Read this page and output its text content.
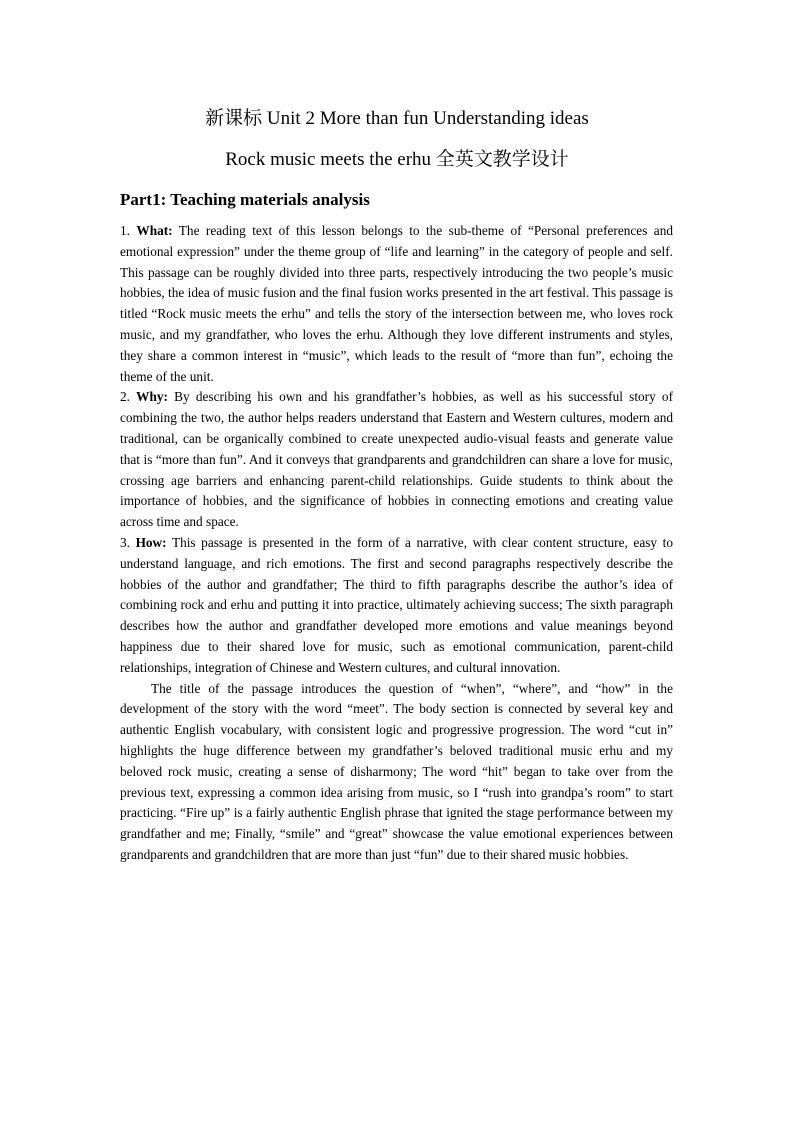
新课标 Unit 2 More than fun Understanding ideas
Rock music meets the erhu 全英文教学设计
Part1: Teaching materials analysis

1. What: The reading text of this lesson belongs to the sub-theme of “Personal preferences and emotional expression” under the theme group of “life and learning” in the category of people and self. This passage can be roughly divided into three parts, respectively introducing the two people’s music hobbies, the idea of music fusion and the final fusion works presented in the art festival. This passage is titled “Rock music meets the erhu” and tells the story of the intersection between me, who loves rock music, and my grandfather, who loves the erhu. Although they love different instruments and styles, they share a common interest in “music”, which leads to the result of “more than fun”, echoing the theme of the unit.

2. Why: By describing his own and his grandfather’s hobbies, as well as his successful story of combining the two, the author helps readers understand that Eastern and Western cultures, modern and traditional, can be organically combined to create unexpected audio-visual feasts and generate value that is “more than fun”. And it conveys that grandparents and grandchildren can share a love for music, crossing age barriers and enhancing parent-child relationships. Guide students to think about the importance of hobbies, and the significance of hobbies in connecting emotions and creating value across time and space.

3. How: This passage is presented in the form of a narrative, with clear content structure, easy to understand language, and rich emotions. The first and second paragraphs respectively describe the hobbies of the author and grandfather; The third to fifth paragraphs describe the author’s idea of combining rock and erhu and putting it into practice, ultimately achieving success; The sixth paragraph describes how the author and grandfather developed more emotions and value meanings beyond happiness due to their shared love for music, such as emotional communication, parent-child relationships, integration of Chinese and Western cultures, and cultural innovation.

The title of the passage introduces the question of “when”, “where”, and “how” in the development of the story with the word “meet”. The body section is connected by several key and authentic English vocabulary, with consistent logic and progressive progression. The word “cut in” highlights the huge difference between my grandfather’s beloved traditional music erhu and my beloved rock music, creating a sense of disharmony; The word “hit” began to take over from the previous text, expressing a common idea arising from music, so I “rush into grandpa’s room” to start practicing. “Fire up” is a fairly authentic English phrase that ignited the stage performance between my grandfather and me; Finally, “smile” and “great” showcase the value emotional experiences between grandparents and grandchildren that are more than just “fun” due to their shared music hobbies.
